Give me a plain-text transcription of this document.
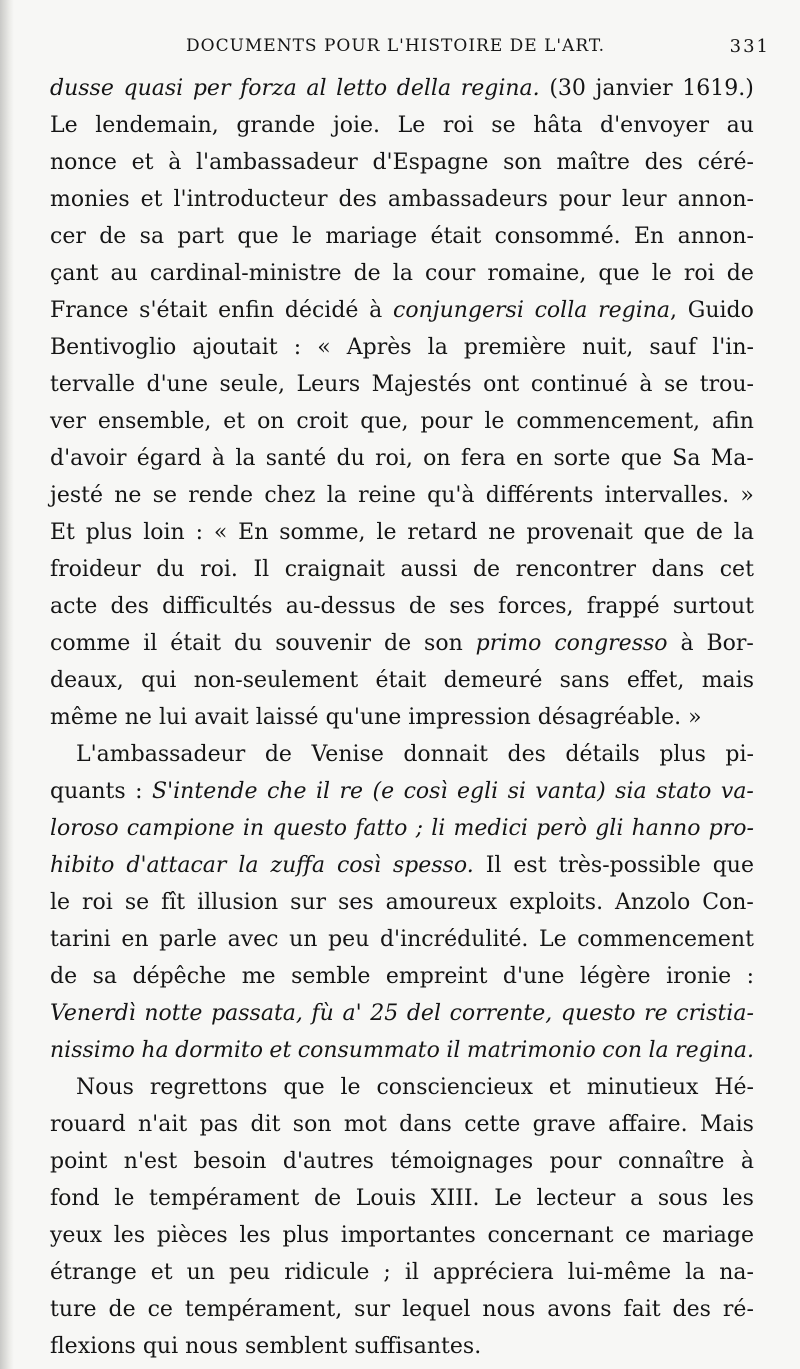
DOCUMENTS POUR L'HISTOIRE DE L'ART.	331
dusse quasi per forza al letto della regina. (30 janvier 1619.)
Le lendemain, grande joie. Le roi se hâta d'envoyer au
nonce et à l'ambassadeur d'Espagne son maître des céré-
monies et l'introducteur des ambassadeurs pour leur annon-
cer de sa part que le mariage était consommé. En annon-
çant au cardinal-ministre de la cour romaine, que le roi de
France s'était enfin décidé à conjungersi colla regina, Guido
Bentivoglio ajoutait : « Après la première nuit, sauf l'in-
tervalle d'une seule, Leurs Majestés ont continué à se trou-
ver ensemble, et on croit que, pour le commencement, afin
d'avoir égard à la santé du roi, on fera en sorte que Sa Ma-
jesté ne se rende chez la reine qu'à différents intervalles. »
Et plus loin : « En somme, le retard ne provenait que de la
froideur du roi. Il craignait aussi de rencontrer dans cet
acte des difficultés au-dessus de ses forces, frappé surtout
comme il était du souvenir de son primo congresso à Bor-
deaux, qui non-seulement était demeuré sans effet, mais
même ne lui avait laissé qu'une impression désagréable. »
L'ambassadeur de Venise donnait des détails plus pi-
quants : S'intende che il re (e così egli si vanta) sia stato va-
loroso campione in questo fatto ; li medici però gli hanno pro-
hibito d'attacar la zuffa così spesso. Il est très-possible que
le roi se fît illusion sur ses amoureux exploits. Anzolo Con-
tarini en parle avec un peu d'incrédulité. Le commencement
de sa dépêche me semble empreint d'une légère ironie :
Venerdì notte passata, fù a' 25 del corrente, questo re cristia-
nissimo ha dormito et consummato il matrimonio con la regina.
Nous regrettons que le consciencieux et minutieux Hé-
rouard n'ait pas dit son mot dans cette grave affaire. Mais
point n'est besoin d'autres témoignages pour connaître à
fond le tempérament de Louis XIII. Le lecteur a sous les
yeux les pièces les plus importantes concernant ce mariage
étrange et un peu ridicule ; il appréciera lui-même la na-
ture de ce tempérament, sur lequel nous avons fait des ré-
flexions qui nous semblent suffisantes.
